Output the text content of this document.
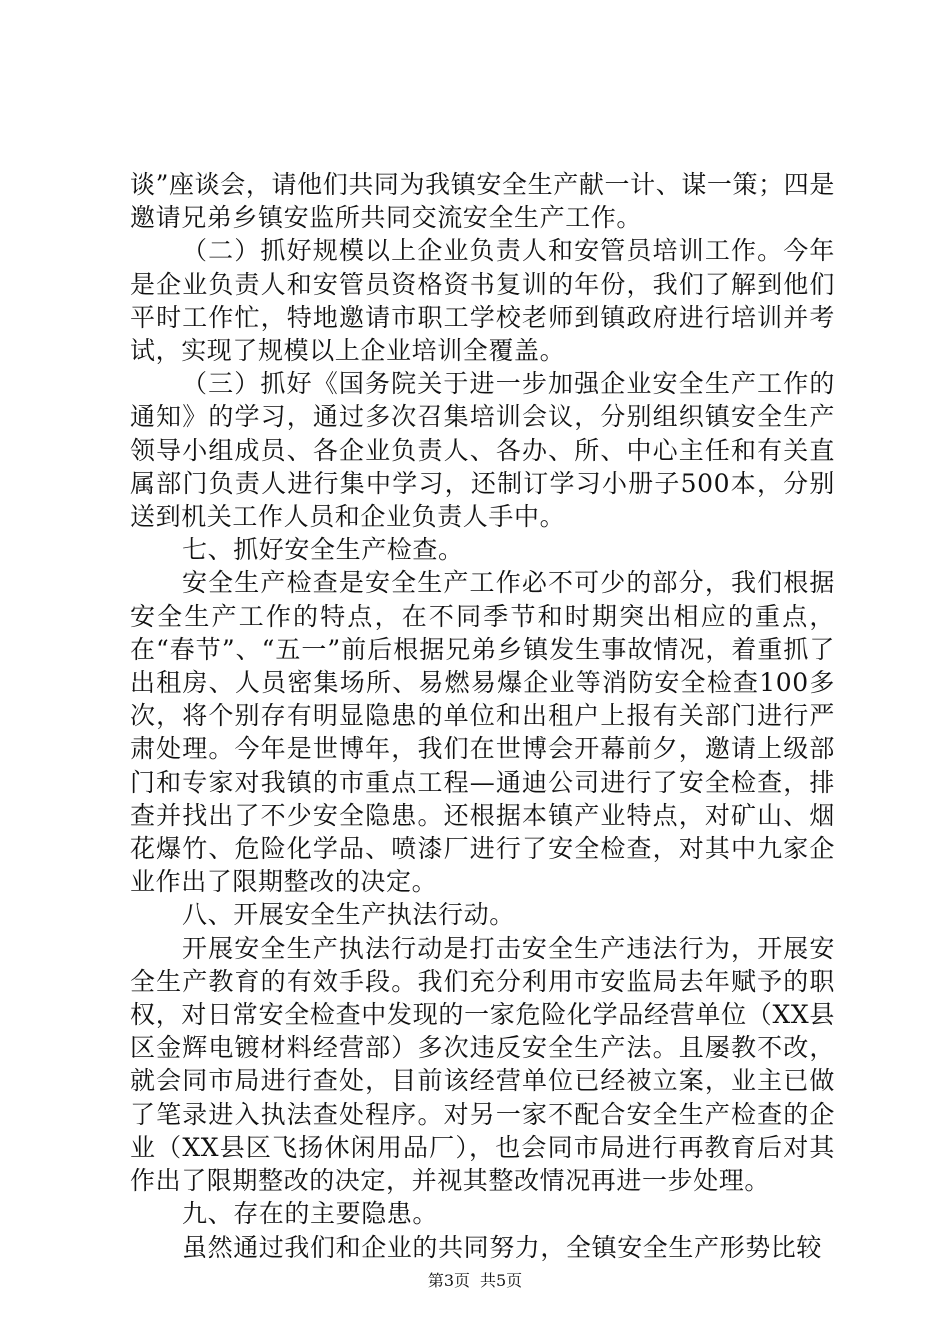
谈”座谈会，请他们共同为我镇安全生产献一计、谋一策；四是邀请兄弟乡镇安监所共同交流安全生产工作。

（二）抓好规模以上企业负责人和安管员培训工作。今年是企业负责人和安管员资格资书复训的年份，我们了解到他们平时工作忙，特地邀请市职工学校老师到镇政府进行培训并考试，实现了规模以上企业培训全覆盖。

（三）抓好《国务院关于进一步加强企业安全生产工作的通知》的学习，通过多次召集培训会议，分别组织镇安全生产领导小组成员、各企业负责人、各办、所、中心主任和有关直属部门负责人进行集中学习，还制订学习小册子500本，分别送到机关工作人员和企业负责人手中。

七、抓好安全生产检查。

安全生产检查是安全生产工作必不可少的部分，我们根据安全生产工作的特点，在不同季节和时期突出相应的重点，在“春节”、“五一”前后根据兄弟乡镇发生事故情况，着重抓了出租房、人员密集场所、易燃易爆企业等消防安全检查100多次，将个别存有明显隐患的单位和出租户上报有关部门进行严肃处理。今年是世博年，我们在世博会开幕前夕，邀请上级部门和专家对我镇的市重点工程—通迪公司进行了安全检查，排查并找出了不少安全隐患。还根据本镇产业特点，对矿山、烟花爆竹、危险化学品、喷漆厂进行了安全检查，对其中九家企业作出了限期整改的决定。

八、开展安全生产执法行动。

开展安全生产执法行动是打击安全生产违法行为，开展安全生产教育的有效手段。我们充分利用市安监局去年赋予的职权，对日常安全检查中发现的一家危险化学品经营单位（XX县区金辉电镀材料经营部）多次违反安全生产法。且屡教不改，就会同市局进行查处，目前该经营单位已经被立案，业主已做了笔录进入执法查处程序。对另一家不配合安全生产检查的企业（XX县区飞扬休闲用品厂），也会同市局进行再教育后对其作出了限期整改的决定，并视其整改情况再进一步处理。

九、存在的主要隐患。

虽然通过我们和企业的共同努力，全镇安全生产形势比较

第3页 共5页
